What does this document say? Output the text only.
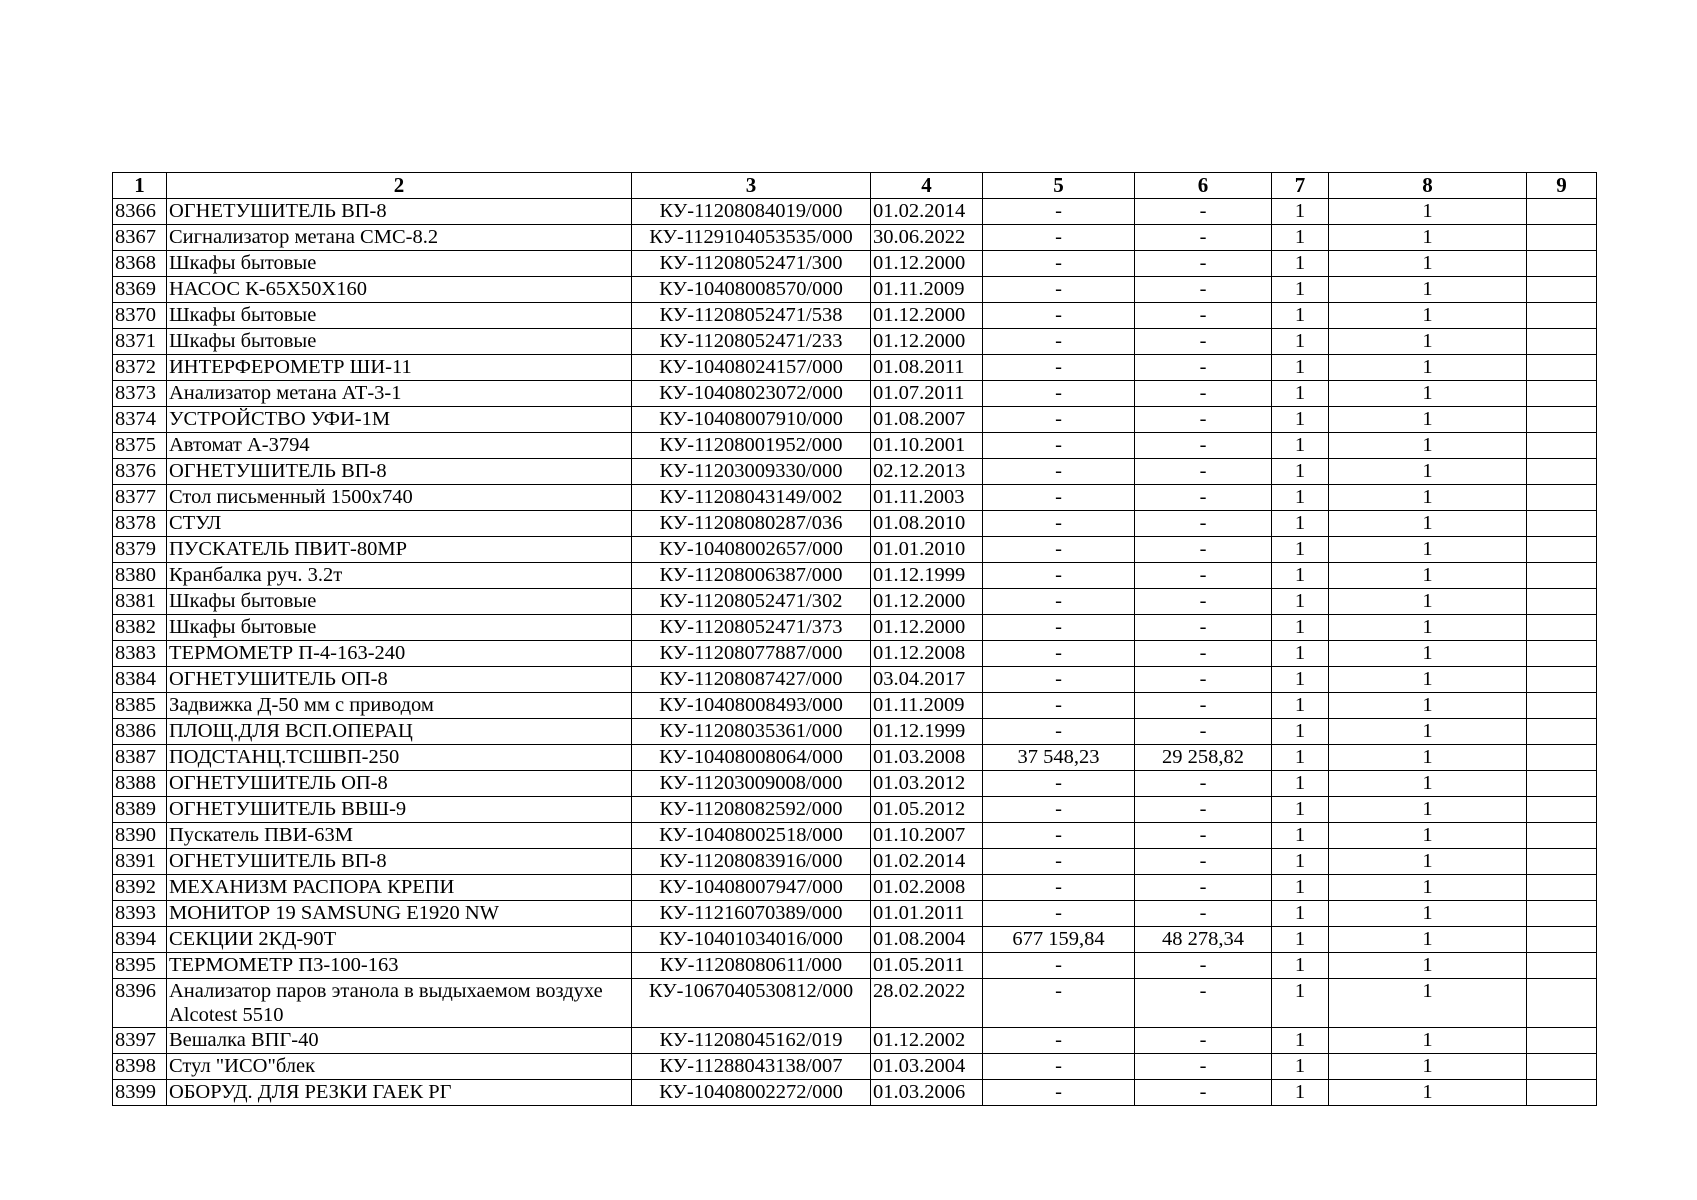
1	2	3	4	5	6	7	8	9
8366	ОГНЕТУШИТЕЛЬ ВП-8	КУ-11208084019/000	01.02.2014	-	-	1	1	
8367	Сигнализатор метана СМС-8.2	КУ-1129104053535/000	30.06.2022	-	-	1	1	
8368	Шкафы бытовые	КУ-11208052471/300	01.12.2000	-	-	1	1	
8369	НАСОС К-65Х50Х160	КУ-10408008570/000	01.11.2009	-	-	1	1	
8370	Шкафы бытовые	КУ-11208052471/538	01.12.2000	-	-	1	1	
8371	Шкафы бытовые	КУ-11208052471/233	01.12.2000	-	-	1	1	
8372	ИНТЕРФЕРОМЕТР ШИ-11	КУ-10408024157/000	01.08.2011	-	-	1	1	
8373	Анализатор метана АТ-3-1	КУ-10408023072/000	01.07.2011	-	-	1	1	
8374	УСТРОЙСТВО УФИ-1М	КУ-10408007910/000	01.08.2007	-	-	1	1	
8375	Автомат А-3794	КУ-11208001952/000	01.10.2001	-	-	1	1	
8376	ОГНЕТУШИТЕЛЬ ВП-8	КУ-11203009330/000	02.12.2013	-	-	1	1	
8377	Стол письменный 1500х740	КУ-11208043149/002	01.11.2003	-	-	1	1	
8378	СТУЛ	КУ-11208080287/036	01.08.2010	-	-	1	1	
8379	ПУСКАТЕЛЬ ПВИТ-80МР	КУ-10408002657/000	01.01.2010	-	-	1	1	
8380	Кранбалка руч. 3.2т	КУ-11208006387/000	01.12.1999	-	-	1	1	
8381	Шкафы бытовые	КУ-11208052471/302	01.12.2000	-	-	1	1	
8382	Шкафы бытовые	КУ-11208052471/373	01.12.2000	-	-	1	1	
8383	ТЕРМОМЕТР П-4-163-240	КУ-11208077887/000	01.12.2008	-	-	1	1	
8384	ОГНЕТУШИТЕЛЬ ОП-8	КУ-11208087427/000	03.04.2017	-	-	1	1	
8385	Задвижка Д-50 мм с приводом	КУ-10408008493/000	01.11.2009	-	-	1	1	
8386	ПЛОЩ.ДЛЯ ВСП.ОПЕРАЦ	КУ-11208035361/000	01.12.1999	-	-	1	1	
8387	ПОДСТАНЦ.ТСШВП-250	КУ-10408008064/000	01.03.2008	37 548,23	29 258,82	1	1	
8388	ОГНЕТУШИТЕЛЬ ОП-8	КУ-11203009008/000	01.03.2012	-	-	1	1	
8389	ОГНЕТУШИТЕЛЬ ВВШ-9	КУ-11208082592/000	01.05.2012	-	-	1	1	
8390	Пускатель ПВИ-63М	КУ-10408002518/000	01.10.2007	-	-	1	1	
8391	ОГНЕТУШИТЕЛЬ ВП-8	КУ-11208083916/000	01.02.2014	-	-	1	1	
8392	МЕХАНИЗМ РАСПОРА КРЕПИ	КУ-10408007947/000	01.02.2008	-	-	1	1	
8393	МОНИТОР 19 SAMSUNG E1920 NW	КУ-11216070389/000	01.01.2011	-	-	1	1	
8394	СЕКЦИИ 2КД-90Т	КУ-10401034016/000	01.08.2004	677 159,84	48 278,34	1	1	
8395	ТЕРМОМЕТР П3-100-163	КУ-11208080611/000	01.05.2011	-	-	1	1	
8396	Анализатор паров этанола в выдыхаемом воздухе Alcotest 5510	КУ-1067040530812/000	28.02.2022	-	-	1	1	
8397	Вешалка ВПГ-40	КУ-11208045162/019	01.12.2002	-	-	1	1	
8398	Стул "ИСО"блек	КУ-11288043138/007	01.03.2004	-	-	1	1	
8399	ОБОРУД. ДЛЯ РЕЗКИ ГАЕК РГ	КУ-10408002272/000	01.03.2006	-	-	1	1	
